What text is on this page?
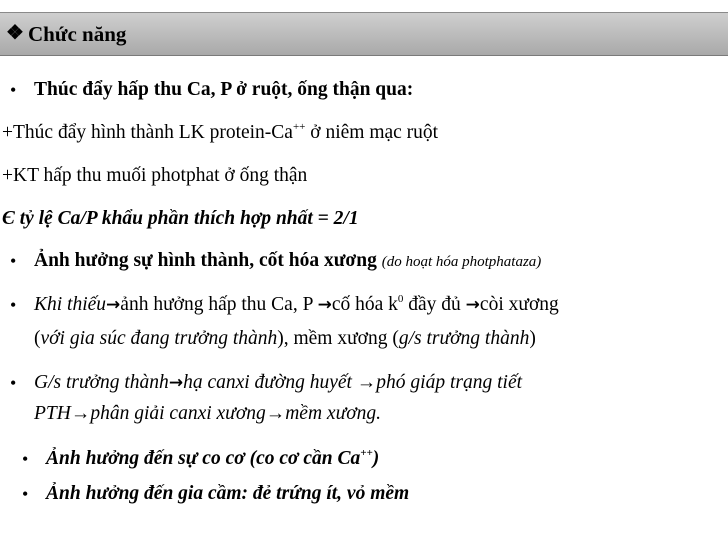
❖ Chức năng
• Thúc đẩy hấp thu Ca, P ở ruột, ống thận qua:
+Thúc đẩy hình thành LK protein-Ca++ ở niêm mạc ruột
+KT hấp thu muối photphat ở ống thận
Є tỷ lệ Ca/P khẩu phần thích hợp nhất = 2/1
• Ảnh hưởng sự hình thành, cốt hóa xương (do hoạt hóa photphataza)
• Khi thiếu→ảnh hưởng hấp thu Ca, P →cố hóa $k^0$ đầy đủ →còi xương
(với gia súc đang trưởng thành), mềm xương (g/s trưởng thành)
• G/s trưởng thành→hạ canxi đường huyết →phó giáp trạng tiết
PTH→phân giải canxi xương→mềm xương.
• Ảnh hưởng đến sự co cơ (co cơ cần Ca++)
• Ảnh hưởng đến gia cầm: đẻ trứng ít, vỏ mềm
